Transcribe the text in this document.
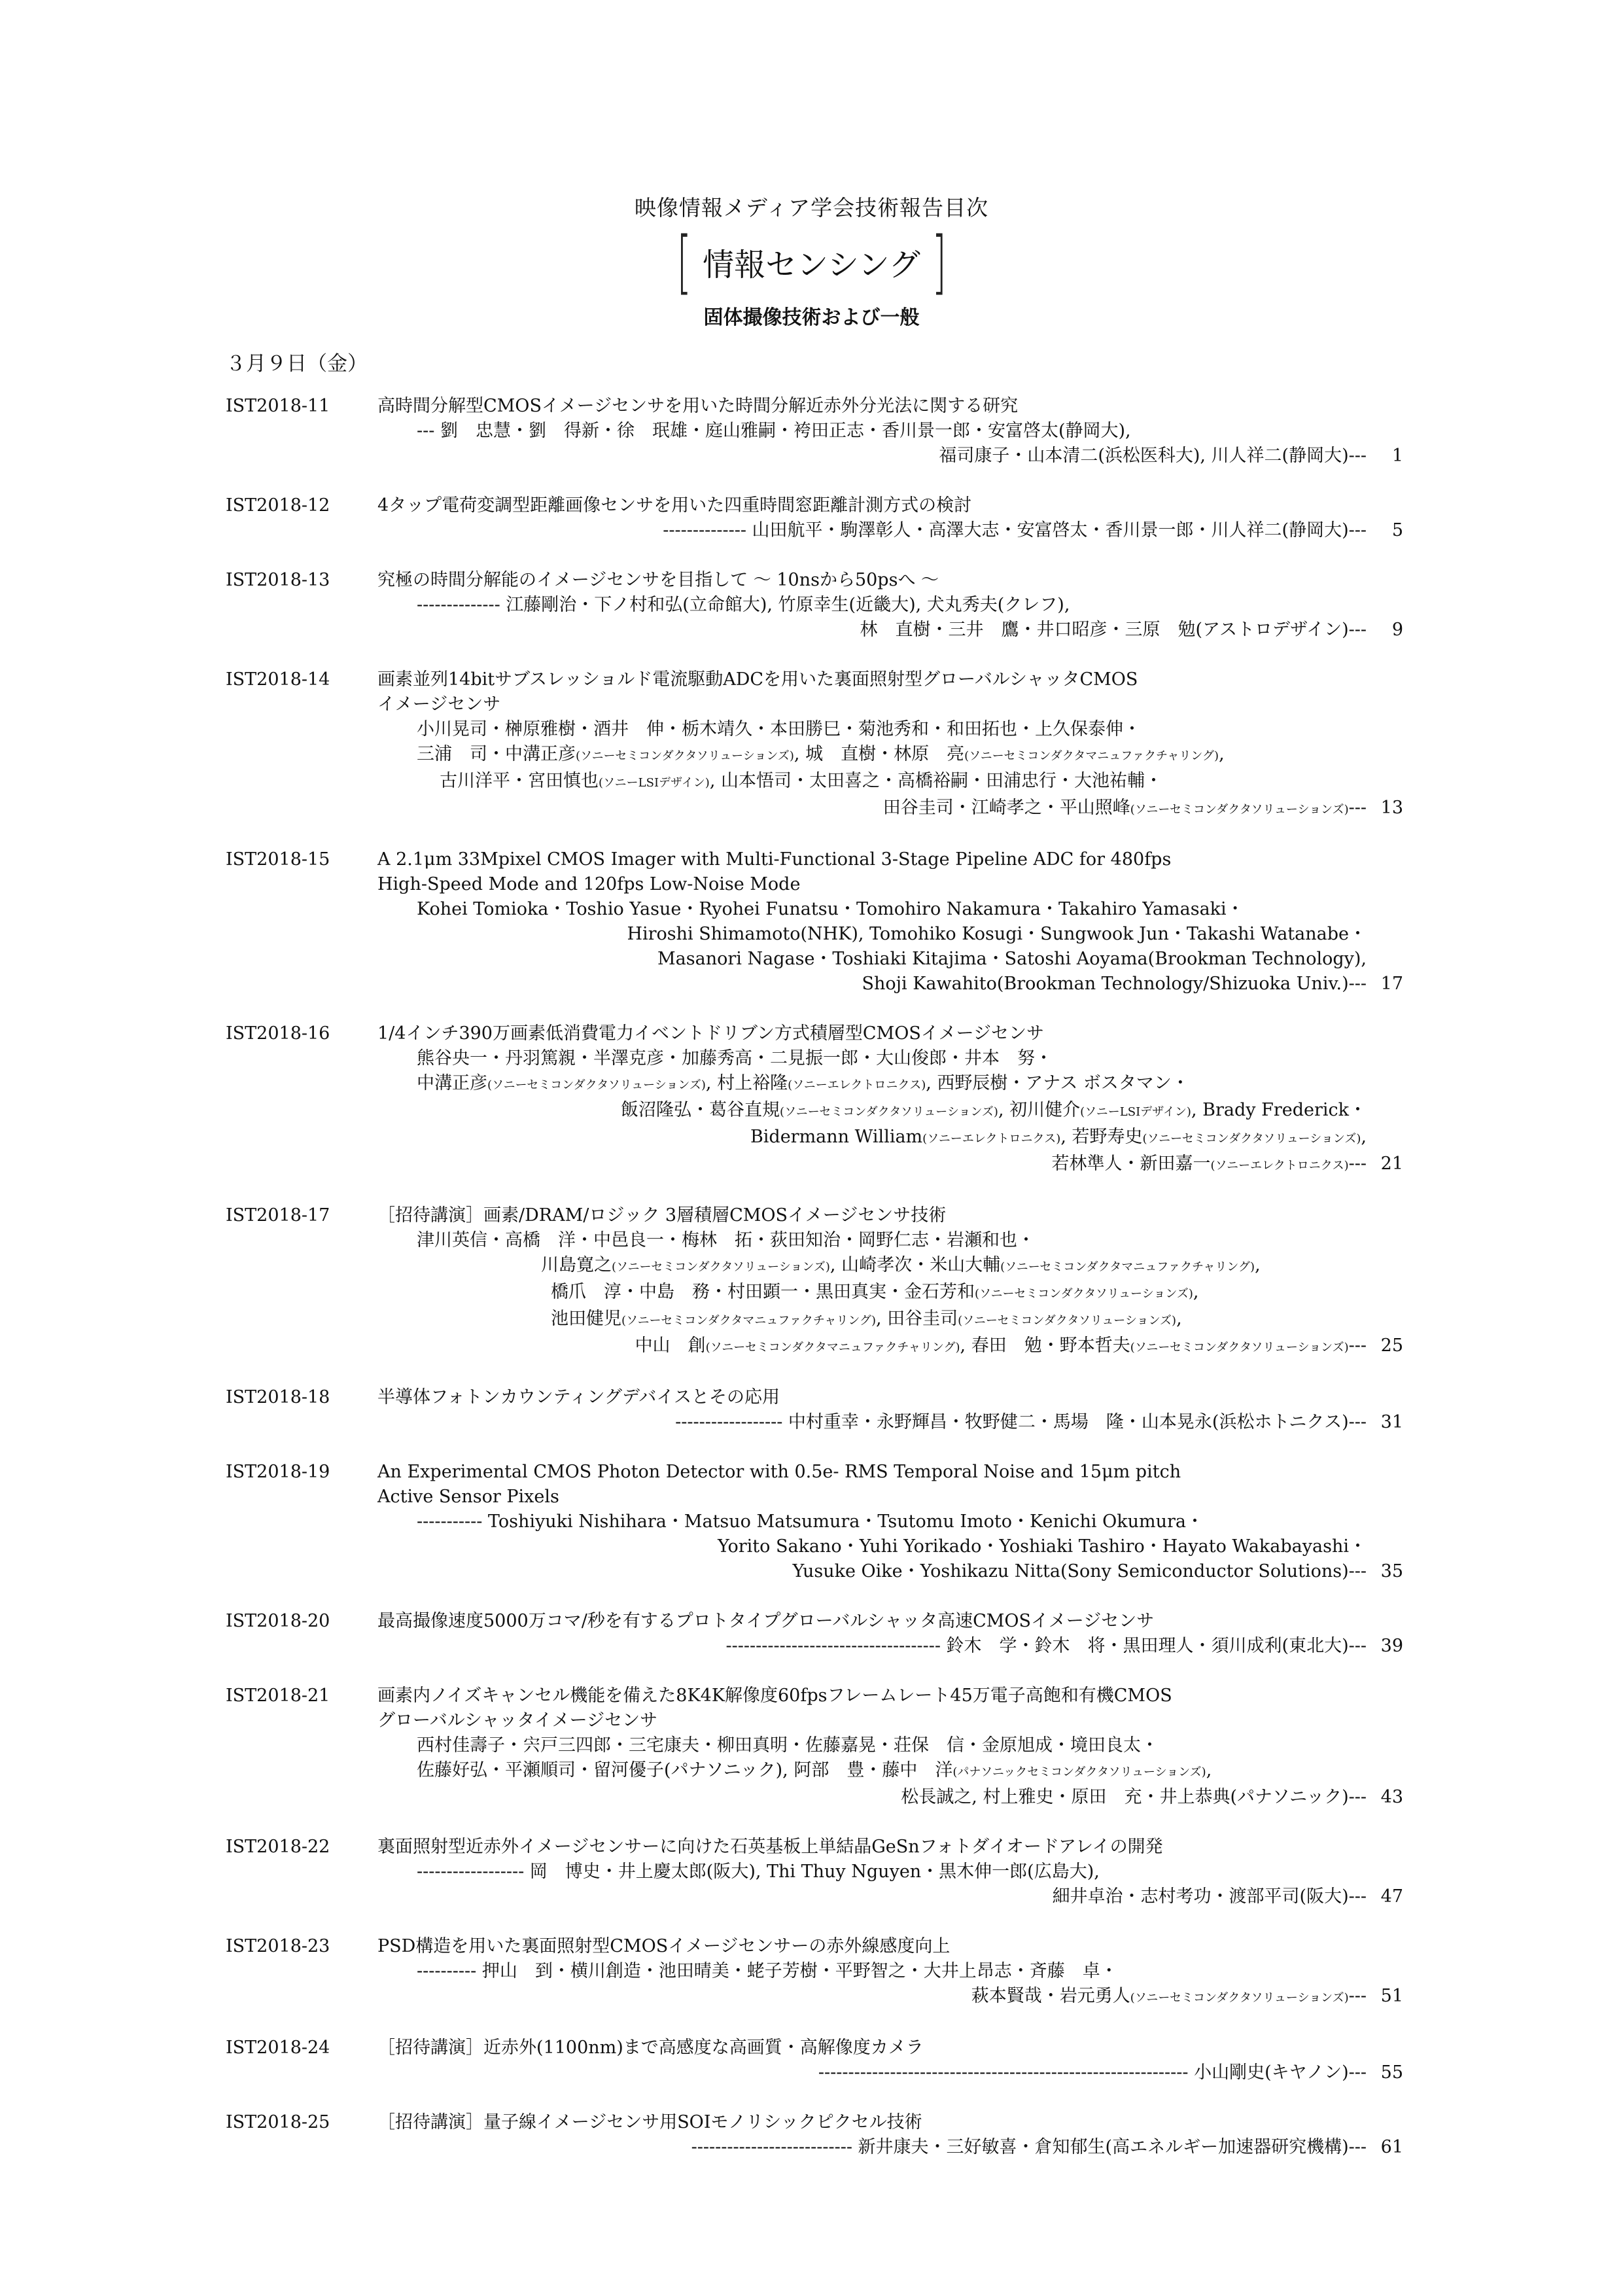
映像情報メディア学会技術報告目次
[ 情報センシング ]
固体撮像技術および一般
３月９日（金）
IST2018-11	高時間分解型CMOSイメージセンサを用いた時間分解近赤外分光法に関する研究
--- 劉　忠慧・劉　得新・徐　珉雄・庭山雅嗣・袴田正志・香川景一郎・安富啓太(静岡大),
福司康子・山本清二(浜松医科大), 川人祥二(静岡大)--- 1
IST2018-12	4タップ電荷変調型距離画像センサを用いた四重時間窓距離計測方式の検討
-------------- 山田航平・駒澤彰人・高澤大志・安富啓太・香川景一郎・川人祥二(静岡大)--- 5
IST2018-13	究極の時間分解能のイメージセンサを目指して 〜 10nsから50psへ 〜
-------------- 江藤剛治・下ノ村和弘(立命館大), 竹原幸生(近畿大), 犬丸秀夫(クレフ),
林　直樹・三井　鷹・井口昭彦・三原　勉(アストロデザイン)--- 9
IST2018-14	画素並列14bitサブスレッショルド電流駆動ADCを用いた裏面照射型グローバルシャッタCMOS
イメージセンサ
小川晃司・榊原雅樹・酒井　伸・栃木靖久・本田勝巳・菊池秀和・和田拓也・上久保泰伸・
三浦　司・中溝正彦(ソニーセミコンダクタソリューションズ), 城　直樹・林原　亮(ソニーセミコンダクタマニュファクチャリング),
古川洋平・宮田慎也(ソニーLSIデザイン), 山本悟司・太田喜之・高橋裕嗣・田浦忠行・大池祐輔・
田谷圭司・江崎孝之・平山照峰(ソニーセミコンダクタソリューションズ)--- 13
IST2018-15	A 2.1μm 33Mpixel CMOS Imager with Multi-Functional 3-Stage Pipeline ADC for 480fps
High-Speed Mode and 120fps Low-Noise Mode
Kohei Tomioka・Toshio Yasue・Ryohei Funatsu・Tomohiro Nakamura・Takahiro Yamasaki・
Hiroshi Shimamoto(NHK), Tomohiko Kosugi・Sungwook Jun・Takashi Watanabe・
Masanori Nagase・Toshiaki Kitajima・Satoshi Aoyama(Brookman Technology),
Shoji Kawahito(Brookman Technology/Shizuoka Univ.)--- 17
IST2018-16	1/4インチ390万画素低消費電力イベントドリブン方式積層型CMOSイメージセンサ
熊谷央一・丹羽篤親・半澤克彦・加藤秀高・二見振一郎・大山俊郎・井本　努・
中溝正彦(ソニーセミコンダクタソリューションズ), 村上裕隆(ソニーエレクトロニクス), 西野辰樹・アナス ボスタマン・
飯沼隆弘・葛谷直規(ソニーセミコンダクタソリューションズ), 初川健介(ソニーLSIデザイン), Brady Frederick・
Bidermann William(ソニーエレクトロニクス), 若野寿史(ソニーセミコンダクタソリューションズ),
若林準人・新田嘉一(ソニーエレクトロニクス)--- 21
IST2018-17	［招待講演］画素/DRAM/ロジック 3層積層CMOSイメージセンサ技術
津川英信・高橋　洋・中邑良一・梅林　拓・荻田知治・岡野仁志・岩瀬和也・
川島寛之(ソニーセミコンダクタソリューションズ), 山崎孝次・米山大輔(ソニーセミコンダクタマニュファクチャリング),
橋爪　淳・中島　務・村田顕一・黒田真実・金石芳和(ソニーセミコンダクタソリューションズ),
池田健児(ソニーセミコンダクタマニュファクチャリング), 田谷圭司(ソニーセミコンダクタソリューションズ),
中山　創(ソニーセミコンダクタマニュファクチャリング), 春田　勉・野本哲夫(ソニーセミコンダクタソリューションズ)--- 25
IST2018-18	半導体フォトンカウンティングデバイスとその応用
------------------ 中村重幸・永野輝昌・牧野健二・馬場　隆・山本晃永(浜松ホトニクス)--- 31
IST2018-19	An Experimental CMOS Photon Detector with 0.5e- RMS Temporal Noise and 15μm pitch
Active Sensor Pixels
----------- Toshiyuki Nishihara・Matsuo Matsumura・Tsutomu Imoto・Kenichi Okumura・
Yorito Sakano・Yuhi Yorikado・Yoshiaki Tashiro・Hayato Wakabayashi・
Yusuke Oike・Yoshikazu Nitta(Sony Semiconductor Solutions)--- 35
IST2018-20	最高撮像速度5000万コマ/秒を有するプロトタイプグローバルシャッタ高速CMOSイメージセンサ
------------------------------------ 鈴木　学・鈴木　将・黒田理人・須川成利(東北大)--- 39
IST2018-21	画素内ノイズキャンセル機能を備えた8K4K解像度60fpsフレームレート45万電子高飽和有機CMOS
グローバルシャッタイメージセンサ
西村佳壽子・宍戸三四郎・三宅康夫・柳田真明・佐藤嘉晃・荘保　信・金原旭成・境田良太・
佐藤好弘・平瀬順司・留河優子(パナソニック), 阿部　豊・藤中　洋(パナソニックセミコンダクタソリューションズ),
松長誠之, 村上雅史・原田　充・井上恭典(パナソニック)--- 43
IST2018-22	裏面照射型近赤外イメージセンサーに向けた石英基板上単結晶GeSnフォトダイオードアレイの開発
------------------ 岡　博史・井上慶太郎(阪大), Thi Thuy Nguyen・黒木伸一郎(広島大),
細井卓治・志村考功・渡部平司(阪大)--- 47
IST2018-23	PSD構造を用いた裏面照射型CMOSイメージセンサーの赤外線感度向上
---------- 押山　到・横川創造・池田晴美・蛯子芳樹・平野智之・大井上昂志・斉藤　卓・
萩本賢哉・岩元勇人(ソニーセミコンダクタソリューションズ)--- 51
IST2018-24	［招待講演］近赤外(1100nm)まで高感度な高画質・高解像度カメラ
-------------------------------------------------------------- 小山剛史(キヤノン)--- 55
IST2018-25	［招待講演］量子線イメージセンサ用SOIモノリシックピクセル技術
--------------------------- 新井康夫・三好敏喜・倉知郁生(高エネルギー加速器研究機構)--- 61
